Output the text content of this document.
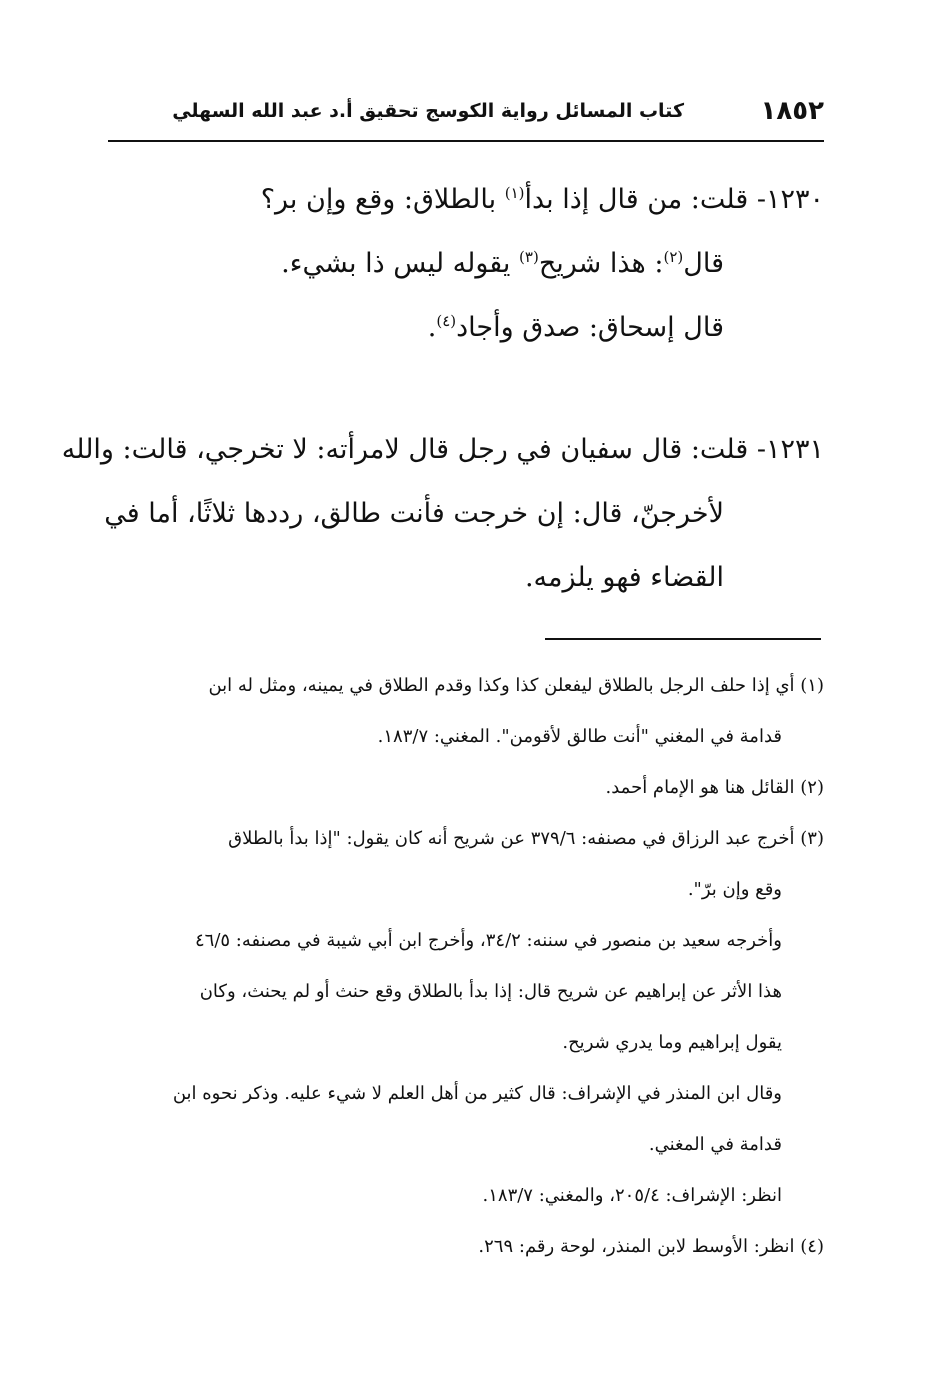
١٨٥٢
كتاب المسائل رواية الكوسج تحقيق أ.د عبد الله السهلي
١٢٣٠- قلت: من قال إذا بدأ$^{(١)}$ بالطلاق: وقع وإن بر؟
قال$^{(٢)}$: هذا شريح$^{(٣)}$ يقوله ليس ذا بشيء.
قال إسحاق: صدق وأجاد$^{(٤)}$.
١٢٣١- قلت: قال سفيان في رجل قال لامرأته: لا تخرجي، قالت: والله
لأخرجنّ، قال: إن خرجت فأنت طالق، رددها ثلاثًا، أما في
القضاء فهو يلزمه.
(١) أي إذا حلف الرجل بالطلاق ليفعلن كذا وكذا وقدم الطلاق في يمينه، ومثل له ابن
قدامة في المغني "أنت طالق لأقومن". المغني: ١٨٣/٧.
(٢) القائل هنا هو الإمام أحمد.
(٣) أخرج عبد الرزاق في مصنفه: ٣٧٩/٦ عن شريح أنه كان يقول: "إذا بدأ بالطلاق
وقع وإن برّ".
وأخرجه سعيد بن منصور في سننه: ٣٤/٢، وأخرج ابن أبي شيبة في مصنفه: ٤٦/٥
هذا الأثر عن إبراهيم عن شريح قال: إذا بدأ بالطلاق وقع حنث أو لم يحنث، وكان
يقول إبراهيم وما يدري شريح.
وقال ابن المنذر في الإشراف: قال كثير من أهل العلم لا شيء عليه. وذكر نحوه ابن
قدامة في المغني.
انظر: الإشراف: ٢٠٥/٤، والمغني: ١٨٣/٧.
(٤) انظر: الأوسط لابن المنذر، لوحة رقم: ٢٦٩.
